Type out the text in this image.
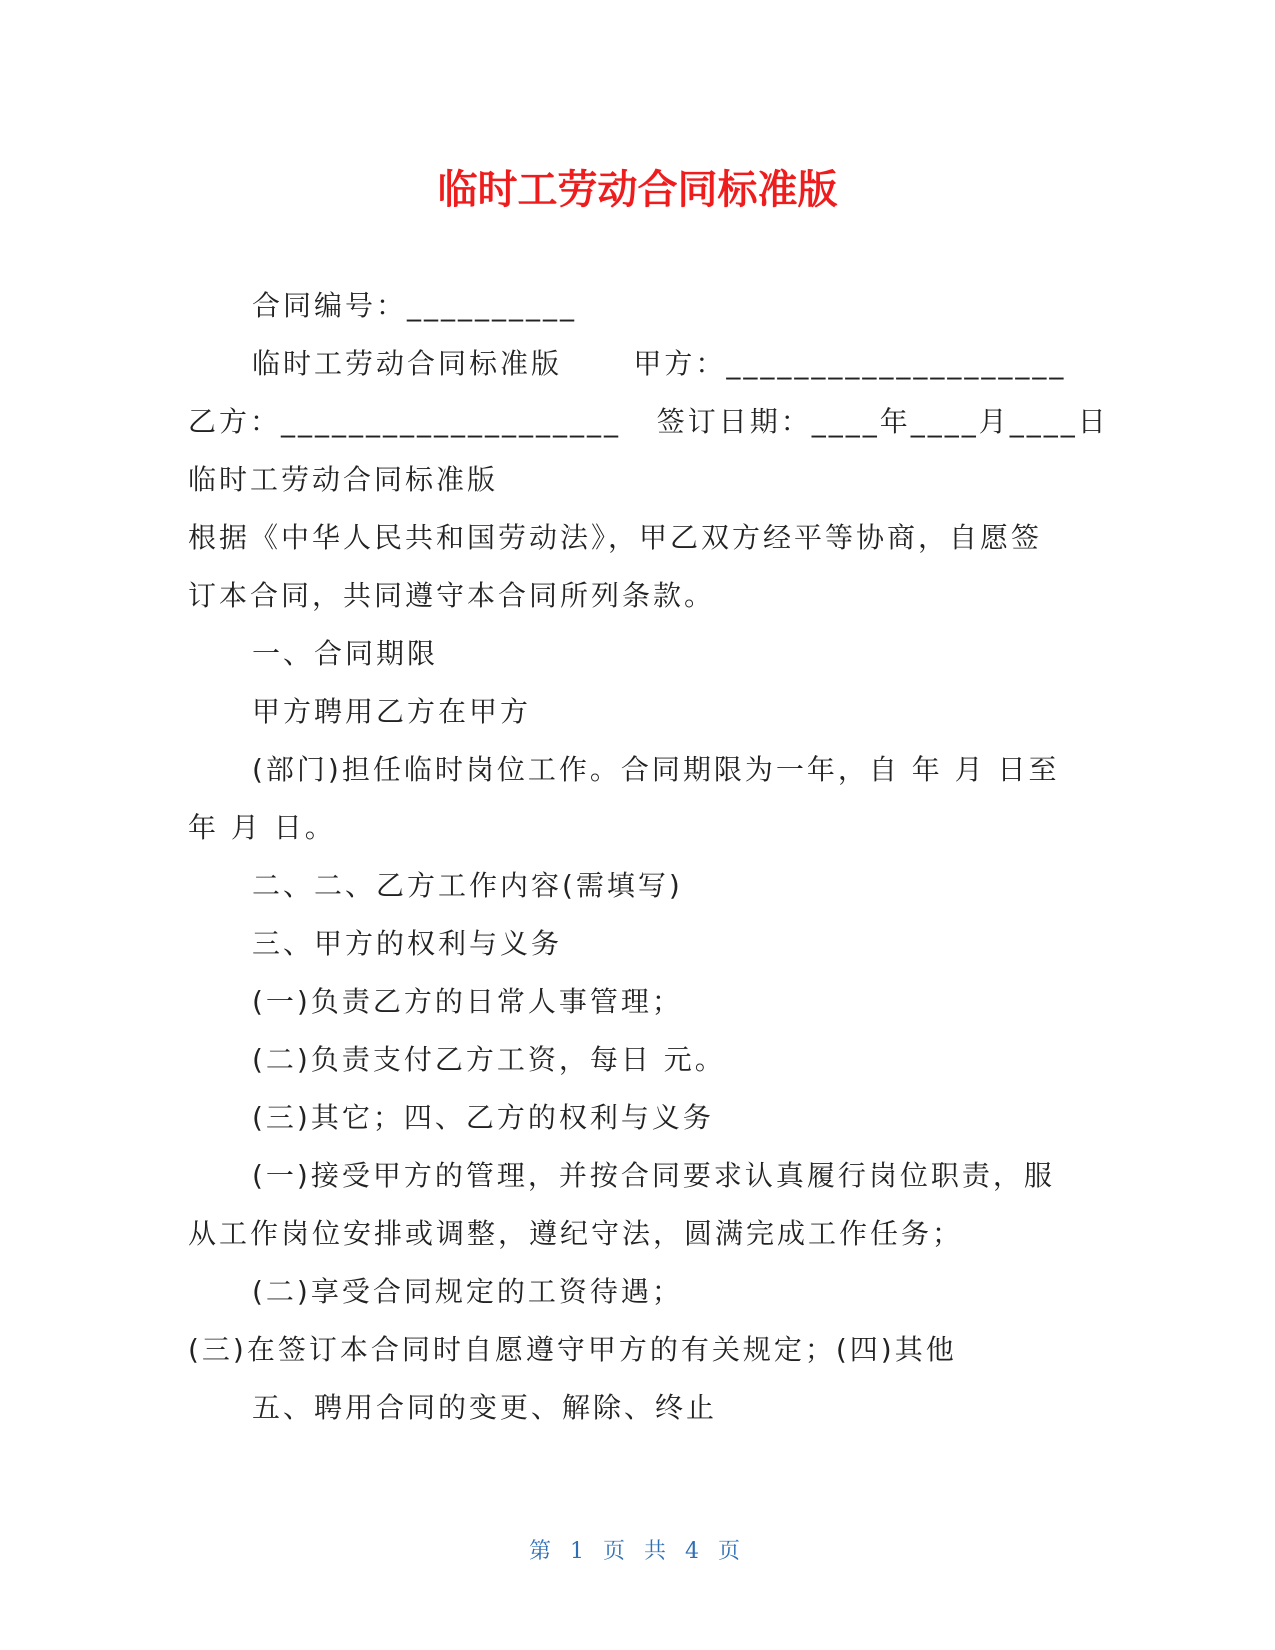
临时工劳动合同标准版
合同编号：__________
临时工劳动合同标准版      甲方：____________________
乙方：____________________   签订日期：____年____月____日
临时工劳动合同标准版
根据《中华人民共和国劳动法》，甲乙双方经平等协商，自愿签
订本合同，共同遵守本合同所列条款。
一、合同期限
甲方聘用乙方在甲方
(部门)担任临时岗位工作。合同期限为一年，自 年 月 日至
年 月 日。
二、二、乙方工作内容(需填写)
三、甲方的权利与义务
(一)负责乙方的日常人事管理；
(二)负责支付乙方工资，每日 元。
(三)其它；四、乙方的权利与义务
(一)接受甲方的管理，并按合同要求认真履行岗位职责，服
从工作岗位安排或调整，遵纪守法，圆满完成工作任务；
(二)享受合同规定的工资待遇；
(三)在签订本合同时自愿遵守甲方的有关规定；(四)其他
五、聘用合同的变更、解除、终止
第 1 页 共 4 页
